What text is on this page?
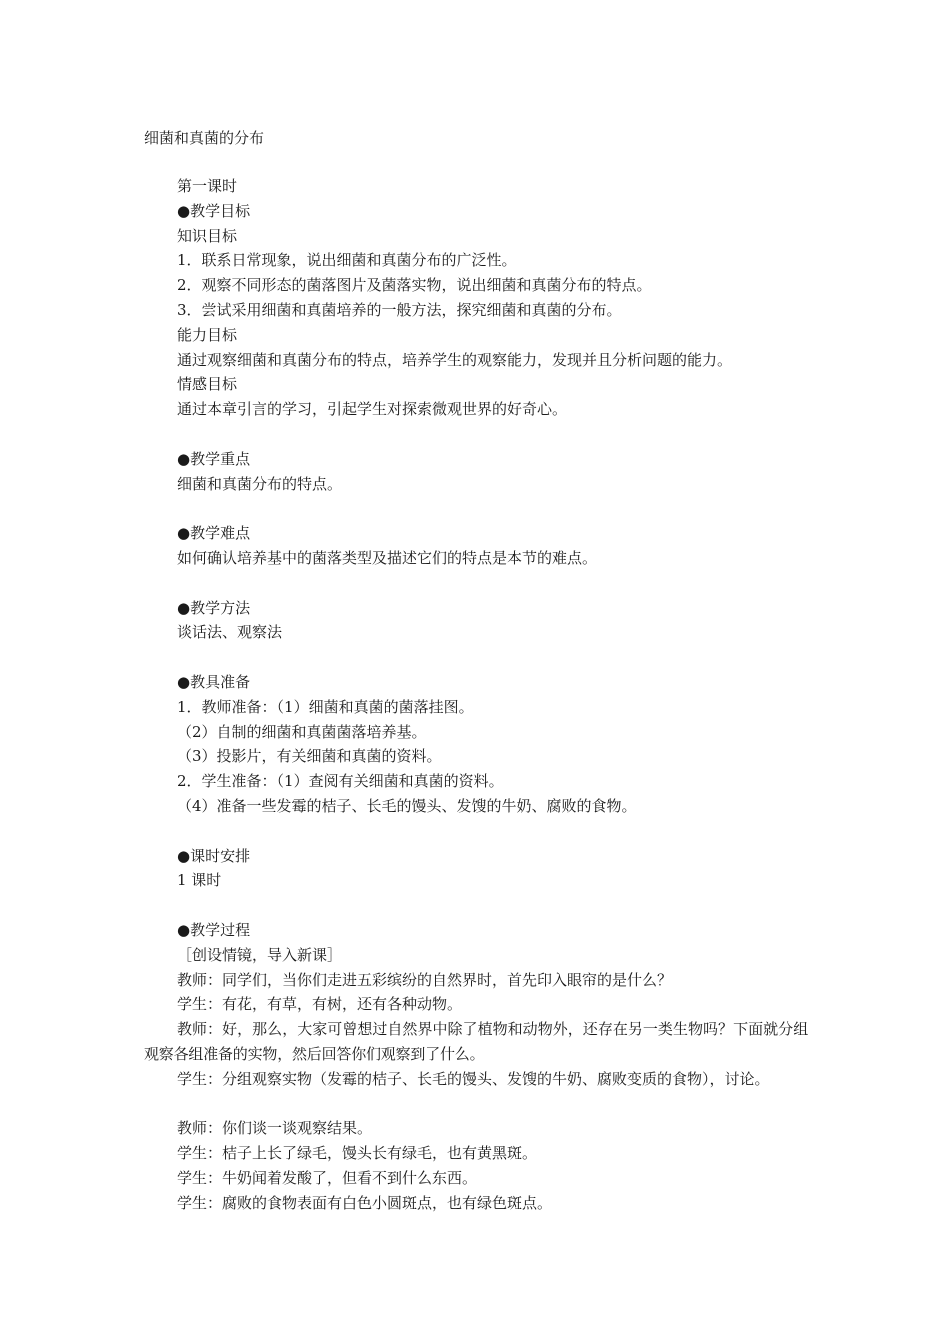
细菌和真菌的分布
第一课时
●教学目标
知识目标
1．联系日常现象，说出细菌和真菌分布的广泛性。
2．观察不同形态的菌落图片及菌落实物，说出细菌和真菌分布的特点。
3．尝试采用细菌和真菌培养的一般方法，探究细菌和真菌的分布。
能力目标
通过观察细菌和真菌分布的特点，培养学生的观察能力，发现并且分析问题的能力。
情感目标
通过本章引言的学习，引起学生对探索微观世界的好奇心。
●教学重点
细菌和真菌分布的特点。
●教学难点
如何确认培养基中的菌落类型及描述它们的特点是本节的难点。
●教学方法
谈话法、观察法
●教具准备
1．教师准备：（1）细菌和真菌的菌落挂图。
（2）自制的细菌和真菌菌落培养基。
（3）投影片，有关细菌和真菌的资料。
2．学生准备：（1）查阅有关细菌和真菌的资料。
（4）准备一些发霉的桔子、长毛的馒头、发馊的牛奶、腐败的食物。
●课时安排
1 课时
●教学过程
［创设情镜，导入新课］
教师：同学们，当你们走进五彩缤纷的自然界时，首先印入眼帘的是什么？
学生：有花，有草，有树，还有各种动物。
教师：好，那么，大家可曾想过自然界中除了植物和动物外，还存在另一类生物吗？下面就分组观察各组准备的实物，然后回答你们观察到了什么。
学生：分组观察实物（发霉的桔子、长毛的馒头、发馊的牛奶、腐败变质的食物），讨论。
教师：你们谈一谈观察结果。
学生：桔子上长了绿毛，馒头长有绿毛，也有黄黑斑。
学生：牛奶闻着发酸了，但看不到什么东西。
学生：腐败的食物表面有白色小圆斑点，也有绿色斑点。
